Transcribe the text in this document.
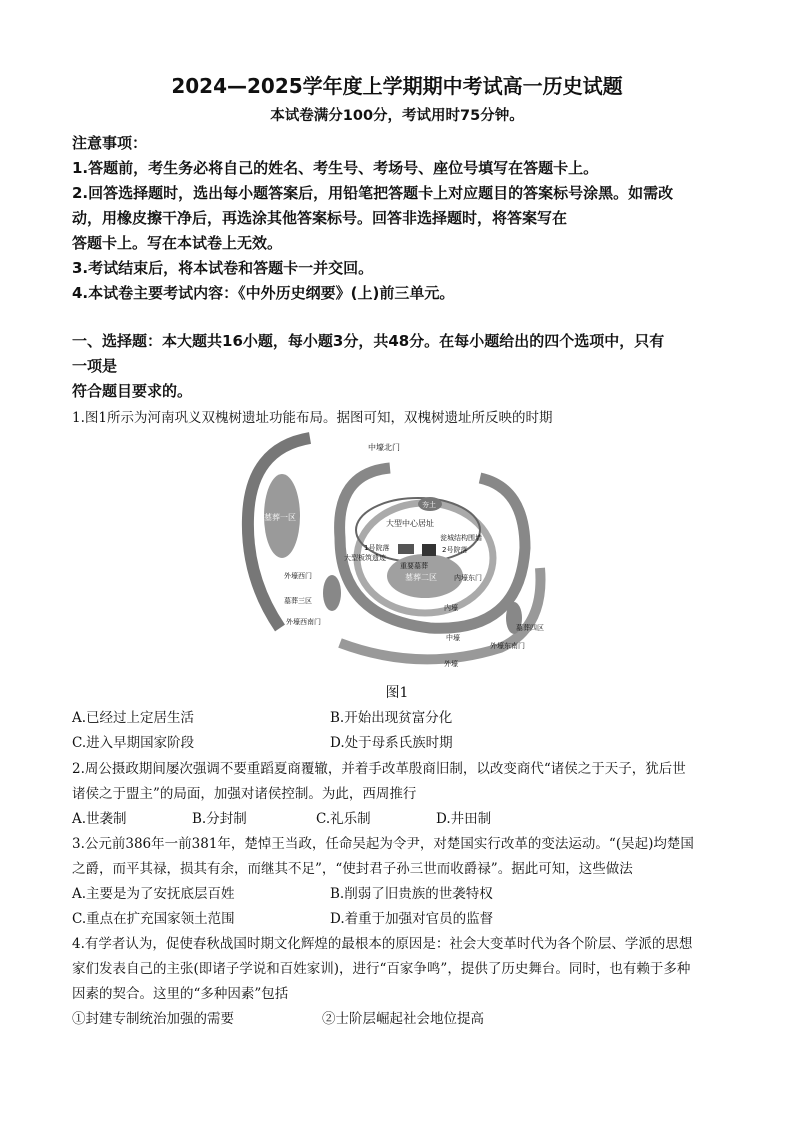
2024—2025学年度上学期期中考试高一历史试题
本试卷满分100分，考试用时75分钟。
注意事项：
1.答题前，考生务必将自己的姓名、考生号、考场号、座位号填写在答题卡上。
2.回答选择题时，选出每小题答案后，用铅笔把答题卡上对应题目的答案标号涂黑。如需改
动，用橡皮擦干净后，再选涂其他答案标号。回答非选择题时，将答案写在
答题卡上。写在本试卷上无效。
3.考试结束后，将本试卷和答题卡一并交回。
4.本试卷主要考试内容：《中外历史纲要》(上)前三单元。
一、选择题：本大题共16小题，每小题3分，共48分。在每小题给出的四个选项中，只有
一项是
符合题目要求的。
1.图1所示为河南巩义双槐树遗址功能布局。据图可知，双槐树遗址所反映的时期
墓葬一区
夯土
墓葬二区
中壕北门
大型中心居址
瓮城结构围墙
1号院落	2号院落
大型板筑遗迹
重要墓葬
外壕西门	内壕东门
墓葬三区
内壕
外壕西南门
墓葬四区
中壕
外壕东南门
外壕
图1
A.已经过上定居生活	B.开始出现贫富分化
C.进入早期国家阶段	D.处于母系氏族时期
2.周公摄政期间屡次强调不要重蹈夏商覆辙，并着手改革殷商旧制，以改变商代“诸侯之于天子，犹后世
诸侯之于盟主”的局面，加强对诸侯控制。为此，西周推行
A.世袭制	B.分封制	C.礼乐制	D.井田制
3.公元前386年一前381年，楚悼王当政，任命吴起为令尹，对楚国实行改革的变法运动。“(吴起)均楚国
之爵，而平其禄，损其有余，而继其不足”，“使封君子孙三世而收爵禄”。据此可知，这些做法
A.主要是为了安抚底层百姓	B.削弱了旧贵族的世袭特权
C.重点在扩充国家领土范围	D.着重于加强对官员的监督
4.有学者认为，促使春秋战国时期文化辉煌的最根本的原因是：社会大变革时代为各个阶层、学派的思想
家们发表自己的主张(即诸子学说和百姓家训)，进行“百家争鸣”，提供了历史舞台。同时，也有赖于多种
因素的契合。这里的“多种因素”包括
①封建专制统治加强的需要	②士阶层崛起社会地位提高
